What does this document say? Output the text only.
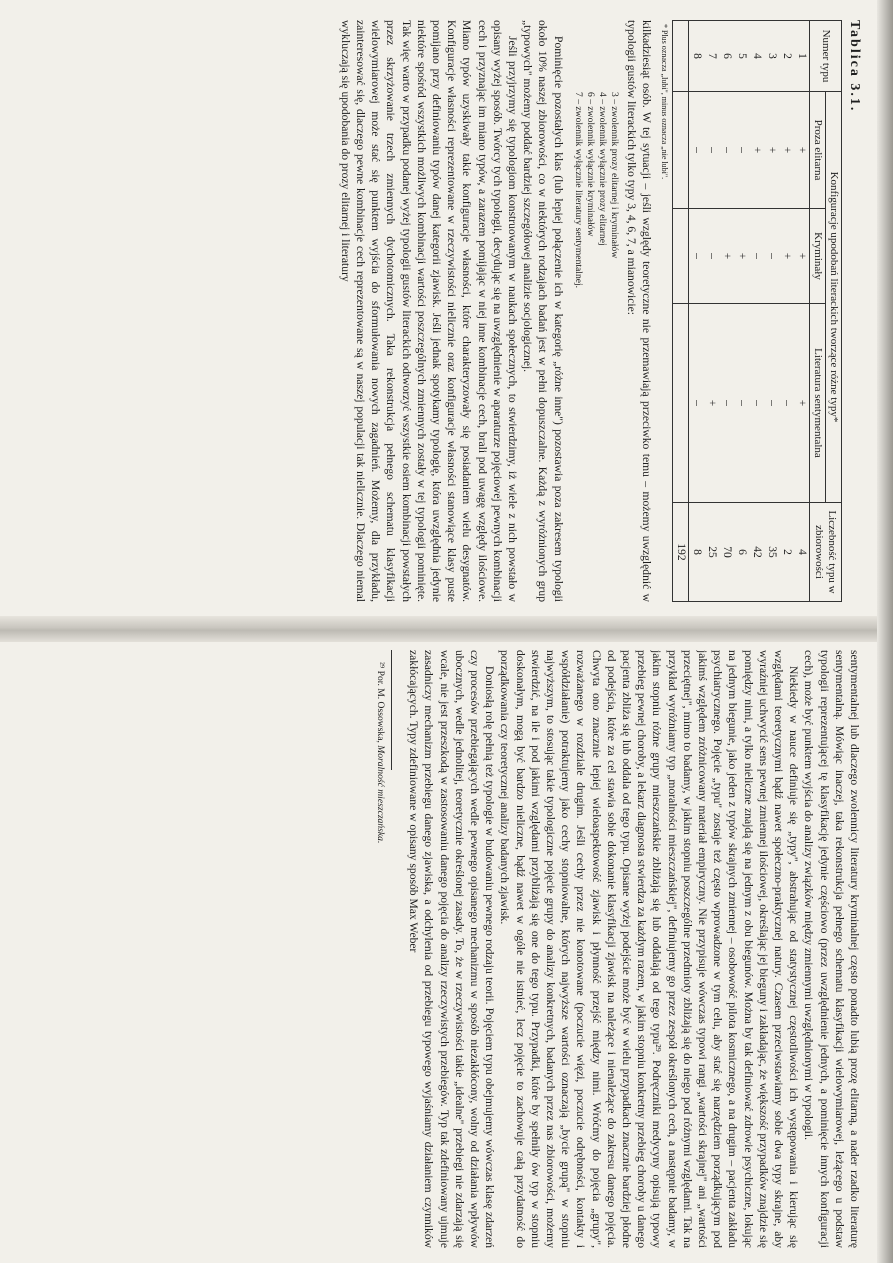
Tablica 3.1.
Numer typu	Konfiguracje upodobań literackich tworzące różne typy*			Liczebność typu w zbiorowości
	Proza elitarna	Kryminały	Literatura sentymentalna	
1	+	+	+	4
2	+	+	–	2
3	+	–	–	35
4	+	–	–	42
5	–	+	–	6
6	–	+	–	70
7	–	–	+	25
8	–	–	–	8
				192
* Plus oznacza „lubi", minus oznacza „nie lubi".

kilkadziesiąt osób. W tej sytuacji – jeśli względy teoretyczne nie przemawiają przeciwko temu – możemy uwzględnić w typologii gustów literackich tylko typy 3, 4, 6, 7, a mianowicie:

3 – zwolennik prozy elitarnej i kryminałów
4 – zwolennik wyłącznie prozy elitarnej
6 – zwolennik wyłącznie kryminałów
7 – zwolennik wyłącznie literatury sentymentalnej.

Pominięcie pozostałych klas (lub lepiej połączenie ich w kategorię „różne inne") pozostawia poza zakresem typologii około 10% naszej zbiorowości, co w niektórych rodzajach badań jest w pełni dopuszczalne. Każdą z wyróżnionych grup „typowych" możemy poddać bardziej szczegółowej analizie socjologicznej.

Jeśli przyjrzymy się typologiom konstruowanym w naukach społecznych, to stwierdzimy, iż wiele z nich powstało w opisany wyżej sposób. Twórcy tych typologii, decydując się na uwzględnienie w aparaturze pojęciowej pewnych kombinacji cech i przyznając im miano typów, a zarazem pomijając w niej inne kombinacje cech, brali pod uwagę względy ilościowe. Miano typów uzyskiwały takie konfiguracje własności, które charakteryzowały się posiadaniem wielu desygnatów. Konfiguracje własności reprezentowane w rzeczywistości nielicznie oraz konfiguracje własności stanowiące klasy puste pomijano przy definiowaniu typów danej kategorii zjawisk. Jeśli jednak spotykamy typologię, która uwzględnia jedynie niektóre spośród wszystkich możliwych kombinacji wartości poszczególnych zmiennych zostały w tej typologii pominięte. Tak więc warto w przypadku podanej wyżej typologii gustów literackich odtworzyć wszystkie osiem kombinacji powstałych przez skrzyżowanie trzech zmiennych dychotomicznych. Taka rekonstrukcja pełnego schematu klasyfikacji wielowymiarowej może stać się punktem wyjścia do sformułowania nowych zagadnień. Możemy, dla przykładu, zainteresować się, dlaczego pewne kombinacje cech reprezentowane są w naszej populacji tak nielicznie. Dlaczego niemal wykluczają się upodobania do prozy elitarnej i literatury

sentymentalnej lub dlaczego zwolennicy literatury kryminalnej często ponadto lubią prozę elitarną, a nader rzadko literaturę sentymentalną. Mówiąc inaczej, taka rekonstrukcja pełnego schematu klasyfikacji wielowymiarowej, leżącego u podstaw typologii reprezentującej tę klasyfikację jedynie częściowo (przez uwzględnienie jednych, a pominięcie innych konfiguracji cech), może być punktem wyjścia do analizy związków między zmiennymi uwzględnionymi w typologii.

Niekiedy w nauce definiuje się „typy", abstrahując od statystycznej częstotliwości ich występowania i kierując się względami teoretycznymi bądź nawet społeczno-praktycznej natury. Czasem przeciwstawiamy sobie dwa typy skrajne, aby wyraźniej uchwycić sens pewnej zmiennej ilościowej, określając jej bieguny i zakładając, że większość przypadków znajdzie się pomiędzy nimi, a tylko nieliczne znajdą się na jednym z obu biegunów. Można by tak definiować zdrowie psychiczne, lokując na jednym biegunie, jako jeden z typów skrajnych zmiennej – osobowość pilota kosmicznego, a na drugim – pacjenta zakładu psychiatrycznego. Pojęcie „typu" zostaje też często wprowadzone w tym celu, aby stać się narzędziem porządkującym pod jakimś względem zróżnicowany materiał empiryczny. Nie przypisuje wówczas typowi rangi „wartości skrajnej" ani „wartości przeciętnej", mimo to badamy, w jakim stopniu poszczególne przedmioty zbliżają się do niego pod różnymi względami. Tak na przykład wyróżniamy typ „moralności mieszczańskiej", definiujemy go przez zespół określonych cech, a następnie badamy, w jakim stopniu różne grupy mieszczańskie zbliżają się lub oddalają od tego typu²⁹. Podręczniki medycyny opisują typowy przebieg pewnej choroby, a lekarz diagnosta stwierdza za każdym razem, w jakim stopniu konkretny przebieg choroby u danego pacjenta zbliża się lub oddala od tego typu. Opisane wyżej podejście może być w wielu przypadkach znacznie bardziej płodne od podejścia, które za cel stawia sobie dokonanie klasyfikacji zjawisk na należące i nienależące do zakresu danego pojęcia. Chwyta ono znacznie lepiej wieloaspektowość zjawisk i płynność przejść między nimi. Wróćmy do pojęcia „grupy", rozważanego w rozdziale drugim. Jeśli cechy przez nie konotowane (poczucie więzi, poczucie odrębności, kontakty i współdziałanie) potraktujemy jako cechy stopniowalne, których najwyższe wartości oznaczają „bycie grupą" w stopniu najwyższym, to stosując takie typologiczne pojęcie grupy do analizy konkretnych, badanych przez nas zbiorowości, możemy stwierdzić, na ile i pod jakimi względami przybliżają się one do tego typu. Przypadki, które by spełniły ów typ w stopniu doskonałym, mogą być bardzo nieliczne, bądź nawet w ogóle nie istnieć, lecz pojęcie to zachowuje całą przydatność do porządkowania czy teoretycznej analizy badanych zjawisk.

Doniosłą rolę pełnią też typologie w budowaniu pewnego rodzaju teorii. Pojęciem typu obejmujemy wówczas klasę zdarzeń czy procesów przebiegających wedle pewnego opisanego mechanizmu w sposób niezakłócony, wolny od działania wpływów ubocznych, wedle jednolitej, teoretycznie określonej zasady. To, że w rzeczywistości takie „idealne" przebiegi nie zdarzają się wcale, nie jest przeszkodą w zastosowaniu danego pojęcia do analizy rzeczywistych przebiegów. Typ tak zdefiniowany ujmuje zasadniczy mechanizm przebiegu danego zjawiska, a odchylenia od przebiegu typowego wyjaśniamy działaniem czynników zakłócających. Typy zdefiniowane w opisany sposób Max Weber

²⁹ Por. M. Ossowska, Moralność mieszczańska.
